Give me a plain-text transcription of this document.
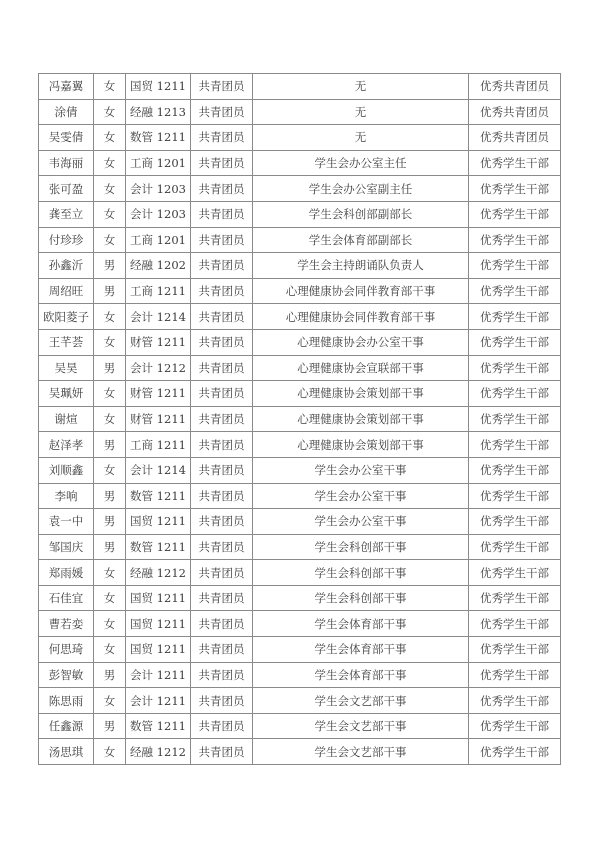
冯嘉翼	女	国贸 1211	共青团员	无	优秀共青团员
涂倩	女	经融 1213	共青团员	无	优秀共青团员
吴雯倩	女	数管 1211	共青团员	无	优秀共青团员
韦海丽	女	工商 1201	共青团员	学生会办公室主任	优秀学生干部
张可盈	女	会计 1203	共青团员	学生会办公室副主任	优秀学生干部
龚至立	女	会计 1203	共青团员	学生会科创部副部长	优秀学生干部
付珍珍	女	工商 1201	共青团员	学生会体育部副部长	优秀学生干部
孙鑫沂	男	经融 1202	共青团员	学生会主持朗诵队负责人	优秀学生干部
周绍旺	男	工商 1211	共青团员	心理健康协会同伴教育部干事	优秀学生干部
欧阳菱子	女	会计 1214	共青团员	心理健康协会同伴教育部干事	优秀学生干部
王芊荟	女	财管 1211	共青团员	心理健康协会办公室干事	优秀学生干部
吴昊	男	会计 1212	共青团员	心理健康协会宣联部干事	优秀学生干部
吴珮妍	女	财管 1211	共青团员	心理健康协会策划部干事	优秀学生干部
谢煊	女	财管 1211	共青团员	心理健康协会策划部干事	优秀学生干部
赵泽孝	男	工商 1211	共青团员	心理健康协会策划部干事	优秀学生干部
刘顺鑫	女	会计 1214	共青团员	学生会办公室干事	优秀学生干部
李响	男	数管 1211	共青团员	学生会办公室干事	优秀学生干部
袁一中	男	国贸 1211	共青团员	学生会办公室干事	优秀学生干部
邹国庆	男	数管 1211	共青团员	学生会科创部干事	优秀学生干部
郑雨媛	女	经融 1212	共青团员	学生会科创部干事	优秀学生干部
石佳宜	女	国贸 1211	共青团员	学生会科创部干事	优秀学生干部
曹若娈	女	国贸 1211	共青团员	学生会体育部干事	优秀学生干部
何思琦	女	国贸 1211	共青团员	学生会体育部干事	优秀学生干部
彭智敏	男	会计 1211	共青团员	学生会体育部干事	优秀学生干部
陈思雨	女	会计 1211	共青团员	学生会文艺部干事	优秀学生干部
任鑫源	男	数管 1211	共青团员	学生会文艺部干事	优秀学生干部
汤思琪	女	经融 1212	共青团员	学生会文艺部干事	优秀学生干部
